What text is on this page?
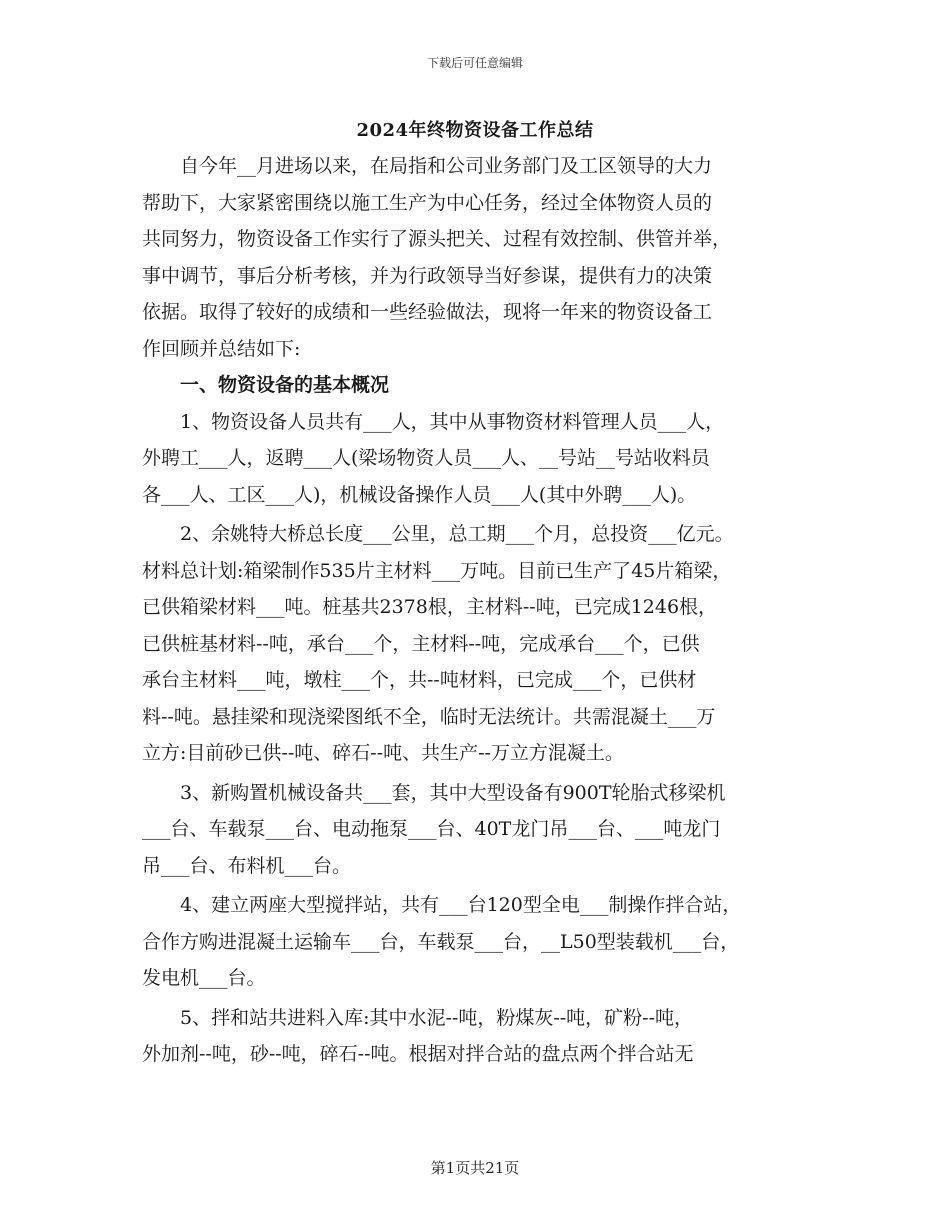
下载后可任意编辑
2024年终物资设备工作总结

自今年__月进场以来，在局指和公司业务部门及工区领导的大力
帮助下，大家紧密围绕以施工生产为中心任务，经过全体物资人员的
共同努力，物资设备工作实行了源头把关、过程有效控制、供管并举，
事中调节，事后分析考核，并为行政领导当好参谋，提供有力的决策
依据。取得了较好的成绩和一些经验做法，现将一年来的物资设备工
作回顾并总结如下:

一、物资设备的基本概况

1、物资设备人员共有___人，其中从事物资材料管理人员___人，
外聘工___人，返聘___人(梁场物资人员___人、__号站__号站收料员
各___人、工区___人)，机械设备操作人员___人(其中外聘___人)。

2、余姚特大桥总长度___公里，总工期___个月，总投资___亿元。
材料总计划:箱梁制作535片主材料___万吨。目前已生产了45片箱梁，
已供箱梁材料___吨。桩基共2378根，主材料--吨，已完成1246根，
已供桩基材料--吨，承台___个，主材料--吨，完成承台___个，已供
承台主材料___吨，墩柱___个，共--吨材料，已完成___个，已供材
料--吨。悬挂梁和现浇梁图纸不全，临时无法统计。共需混凝土___万
立方:目前砂已供--吨、碎石--吨、共生产--万立方混凝土。

3、新购置机械设备共___套，其中大型设备有900T轮胎式移梁机
___台、车载泵___台、电动拖泵___台、40T龙门吊___台、___吨龙门
吊___台、布料机___台。

4、建立两座大型搅拌站，共有___台120型全电___制操作拌合站，
合作方购进混凝土运输车___台，车载泵___台，__L50型装载机___台，
发电机___台。

5、拌和站共进料入库:其中水泥--吨，粉煤灰--吨，矿粉--吨，
外加剂--吨，砂--吨，碎石--吨。根据对拌合站的盘点两个拌合站无

第1页共21页
